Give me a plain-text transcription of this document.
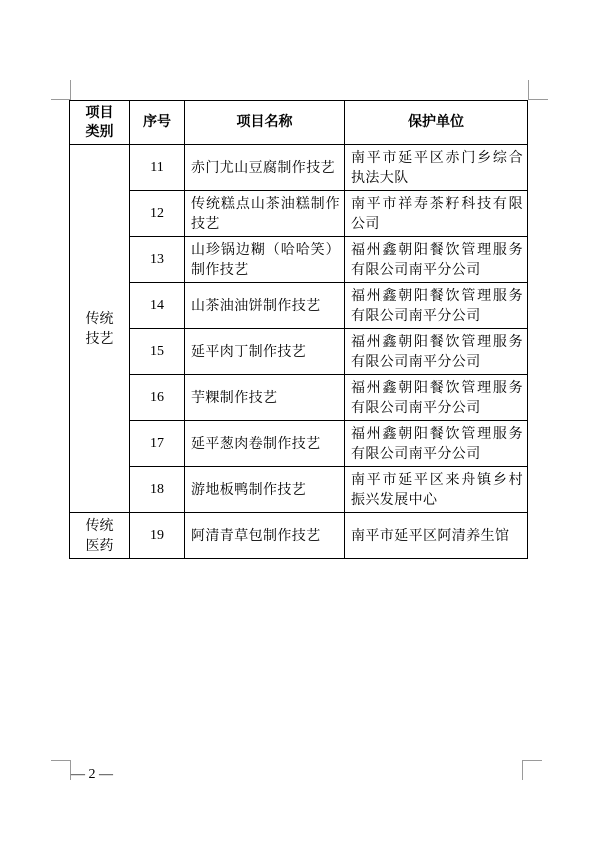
项目
类别	序号	项目名称	保护单位

传统
技艺	11	赤门尤山豆腐制作技艺	南平市延平区赤门乡综合执法大队
	12	传统糕点山茶油糕制作技艺	南平市祥寿茶籽科技有限公司
	13	山珍锅边糊（哈哈笑）制作技艺	福州鑫朝阳餐饮管理服务有限公司南平分公司
	14	山茶油油饼制作技艺	福州鑫朝阳餐饮管理服务有限公司南平分公司
	15	延平肉丁制作技艺	福州鑫朝阳餐饮管理服务有限公司南平分公司
	16	芋粿制作技艺	福州鑫朝阳餐饮管理服务有限公司南平分公司
	17	延平葱肉卷制作技艺	福州鑫朝阳餐饮管理服务有限公司南平分公司
	18	游地板鸭制作技艺	南平市延平区来舟镇乡村振兴发展中心

传统
医药	19	阿清青草包制作技艺	南平市延平区阿清养生馆
— 2 —
